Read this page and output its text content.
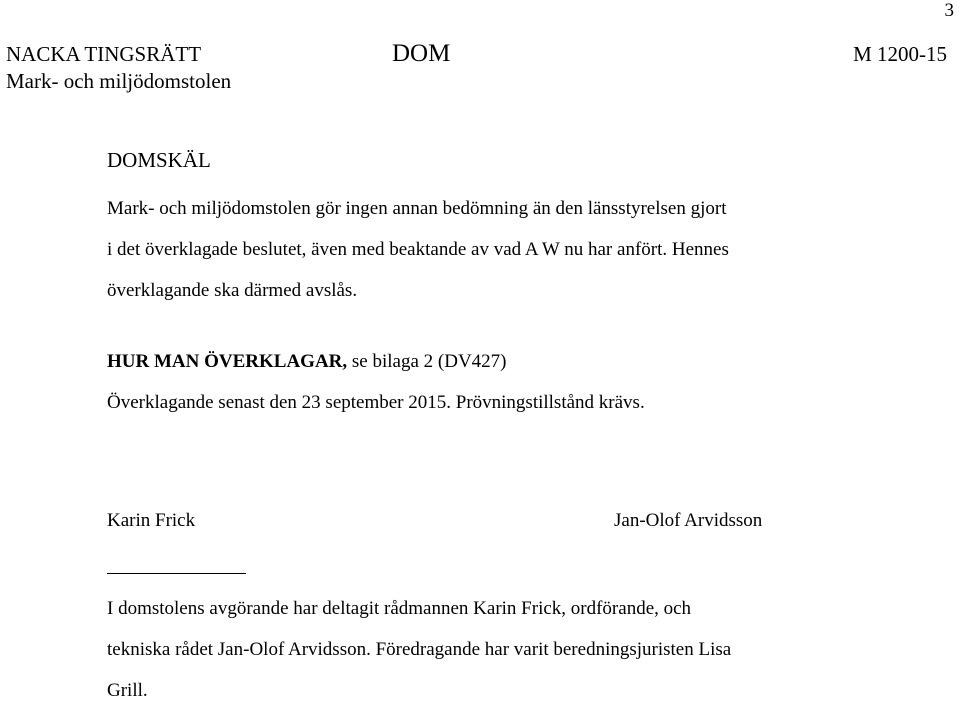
3
NACKA TINGSRÄTT
Mark- och miljödomstolen
DOM	M 1200-15
DOMSKÄL
Mark- och miljödomstolen gör ingen annan bedömning än den länsstyrelsen gjort
i det överklagade beslutet, även med beaktande av vad A W nu har anfört. Hennes
överklagande ska därmed avslås.
HUR MAN ÖVERKLAGAR, se bilaga 2 (DV427)
Överklagande senast den 23 september 2015. Prövningstillstånd krävs.
Karin Frick	Jan-Olof Arvidsson
I domstolens avgörande har deltagit rådmannen Karin Frick, ordförande, och
tekniska rådet Jan-Olof Arvidsson. Föredragande har varit beredningsjuristen Lisa
Grill.
